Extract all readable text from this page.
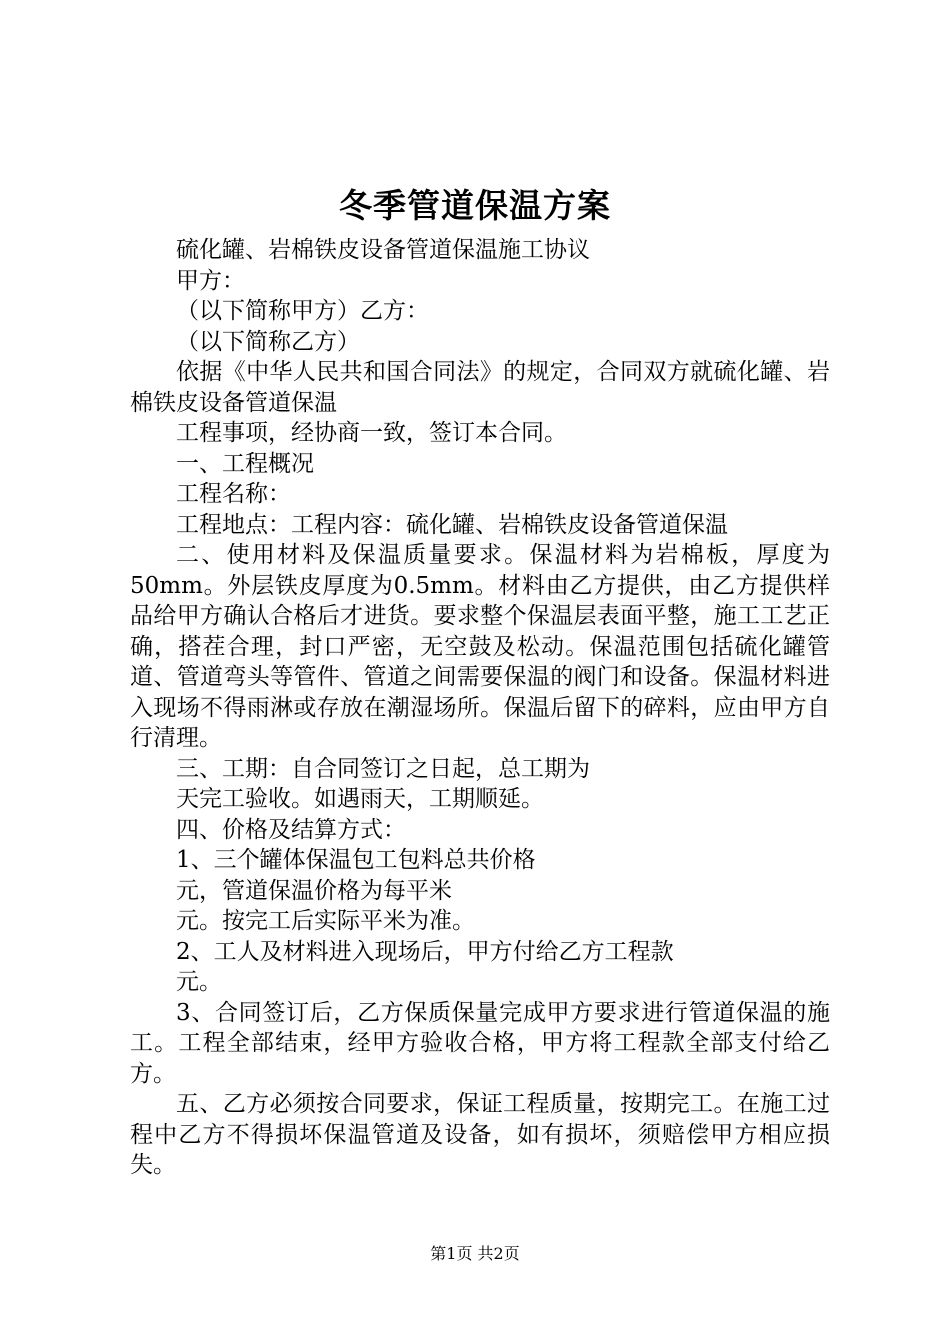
冬季管道保温方案

硫化罐、岩棉铁皮设备管道保温施工协议

甲方：

（以下简称甲方）乙方：

（以下简称乙方）

依据《中华人民共和国合同法》的规定，合同双方就硫化罐、岩棉铁皮设备管道保温

工程事项，经协商一致，签订本合同。

一、工程概况

工程名称：

工程地点：工程内容：硫化罐、岩棉铁皮设备管道保温

二、使用材料及保温质量要求。保温材料为岩棉板，厚度为50mm。外层铁皮厚度为0.5mm。材料由乙方提供，由乙方提供样品给甲方确认合格后才进货。要求整个保温层表面平整，施工工艺正确，搭茬合理，封口严密，无空鼓及松动。保温范围包括硫化罐管道、管道弯头等管件、管道之间需要保温的阀门和设备。保温材料进入现场不得雨淋或存放在潮湿场所。保温后留下的碎料，应由甲方自行清理。

三、工期：自合同签订之日起，总工期为

天完工验收。如遇雨天，工期顺延。

四、价格及结算方式：

1、三个罐体保温包工包料总共价格

元，管道保温价格为每平米

元。按完工后实际平米为准。

2、工人及材料进入现场后，甲方付给乙方工程款

元。

3、合同签订后，乙方保质保量完成甲方要求进行管道保温的施工。工程全部结束，经甲方验收合格，甲方将工程款全部支付给乙方。

五、乙方必须按合同要求，保证工程质量，按期完工。在施工过程中乙方不得损坏保温管道及设备，如有损坏，须赔偿甲方相应损失。

第1页 共2页
